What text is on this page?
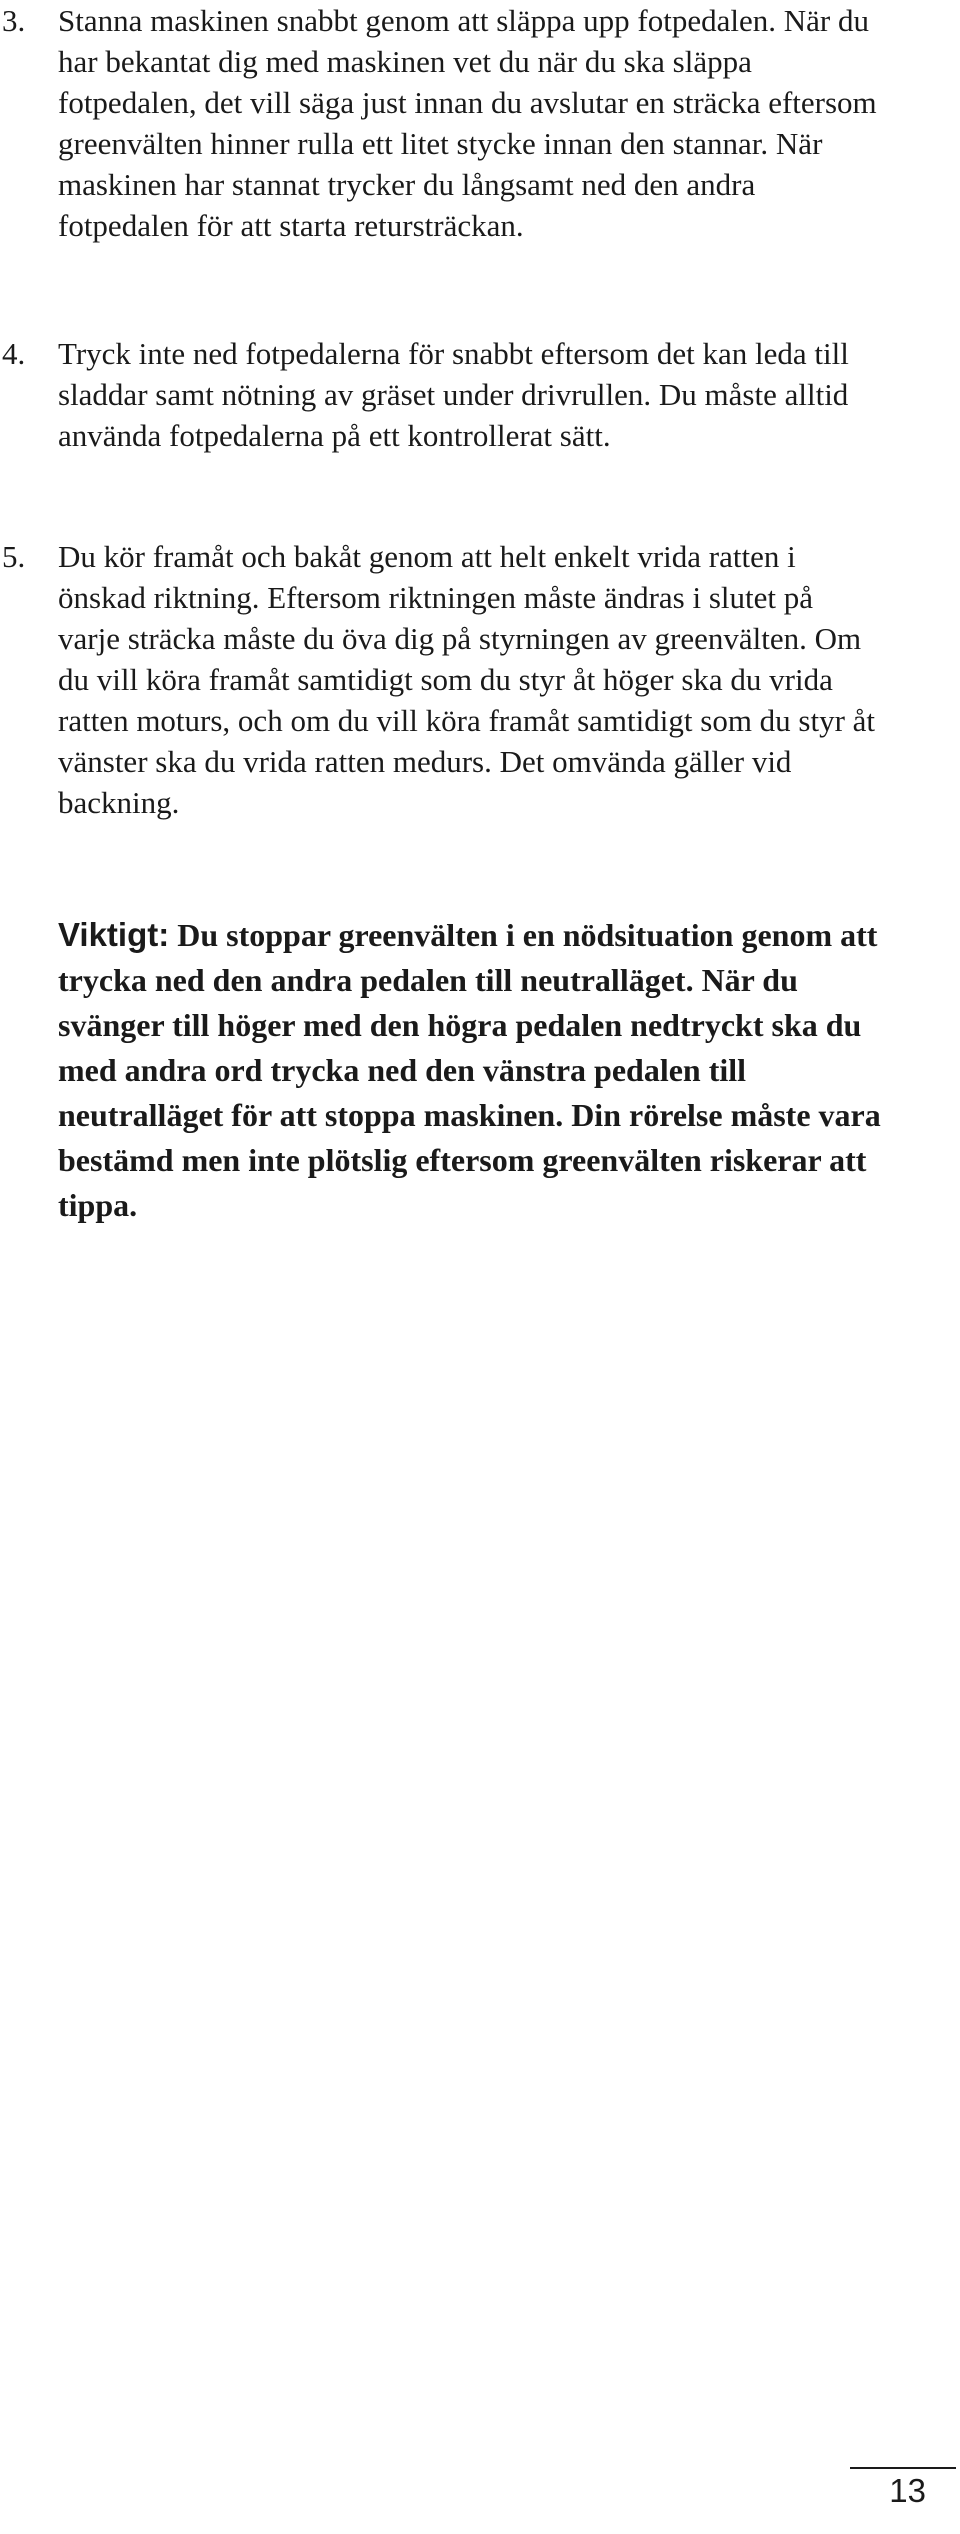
3.	Stanna maskinen snabbt genom att släppa upp fotpedalen. När du har bekantat dig med maskinen vet du när du ska släppa fotpedalen, det vill säga just innan du avslutar en sträcka eftersom greenvälten hinner rulla ett litet stycke innan den stannar. När maskinen har stannat trycker du långsamt ned den andra fotpedalen för att starta retursträckan.
4.	Tryck inte ned fotpedalerna för snabbt eftersom det kan leda till sladdar samt nötning av gräset under drivrullen. Du måste alltid använda fotpedalerna på ett kontrollerat sätt.
5.	Du kör framåt och bakåt genom att helt enkelt vrida ratten i önskad riktning. Eftersom riktningen måste ändras i slutet på varje sträcka måste du öva dig på styrningen av greenvälten. Om du vill köra framåt samtidigt som du styr åt höger ska du vrida ratten moturs, och om du vill köra framåt samtidigt som du styr åt vänster ska du vrida ratten medurs. Det omvända gäller vid backning.

Viktigt: Du stoppar greenvälten i en nödsituation genom att trycka ned den andra pedalen till neutralläget. När du svänger till höger med den högra pedalen nedtryckt ska du med andra ord trycka ned den vänstra pedalen till neutralläget för att stoppa maskinen. Din rörelse måste vara bestämd men inte plötslig eftersom greenvälten riskerar att tippa.

13
